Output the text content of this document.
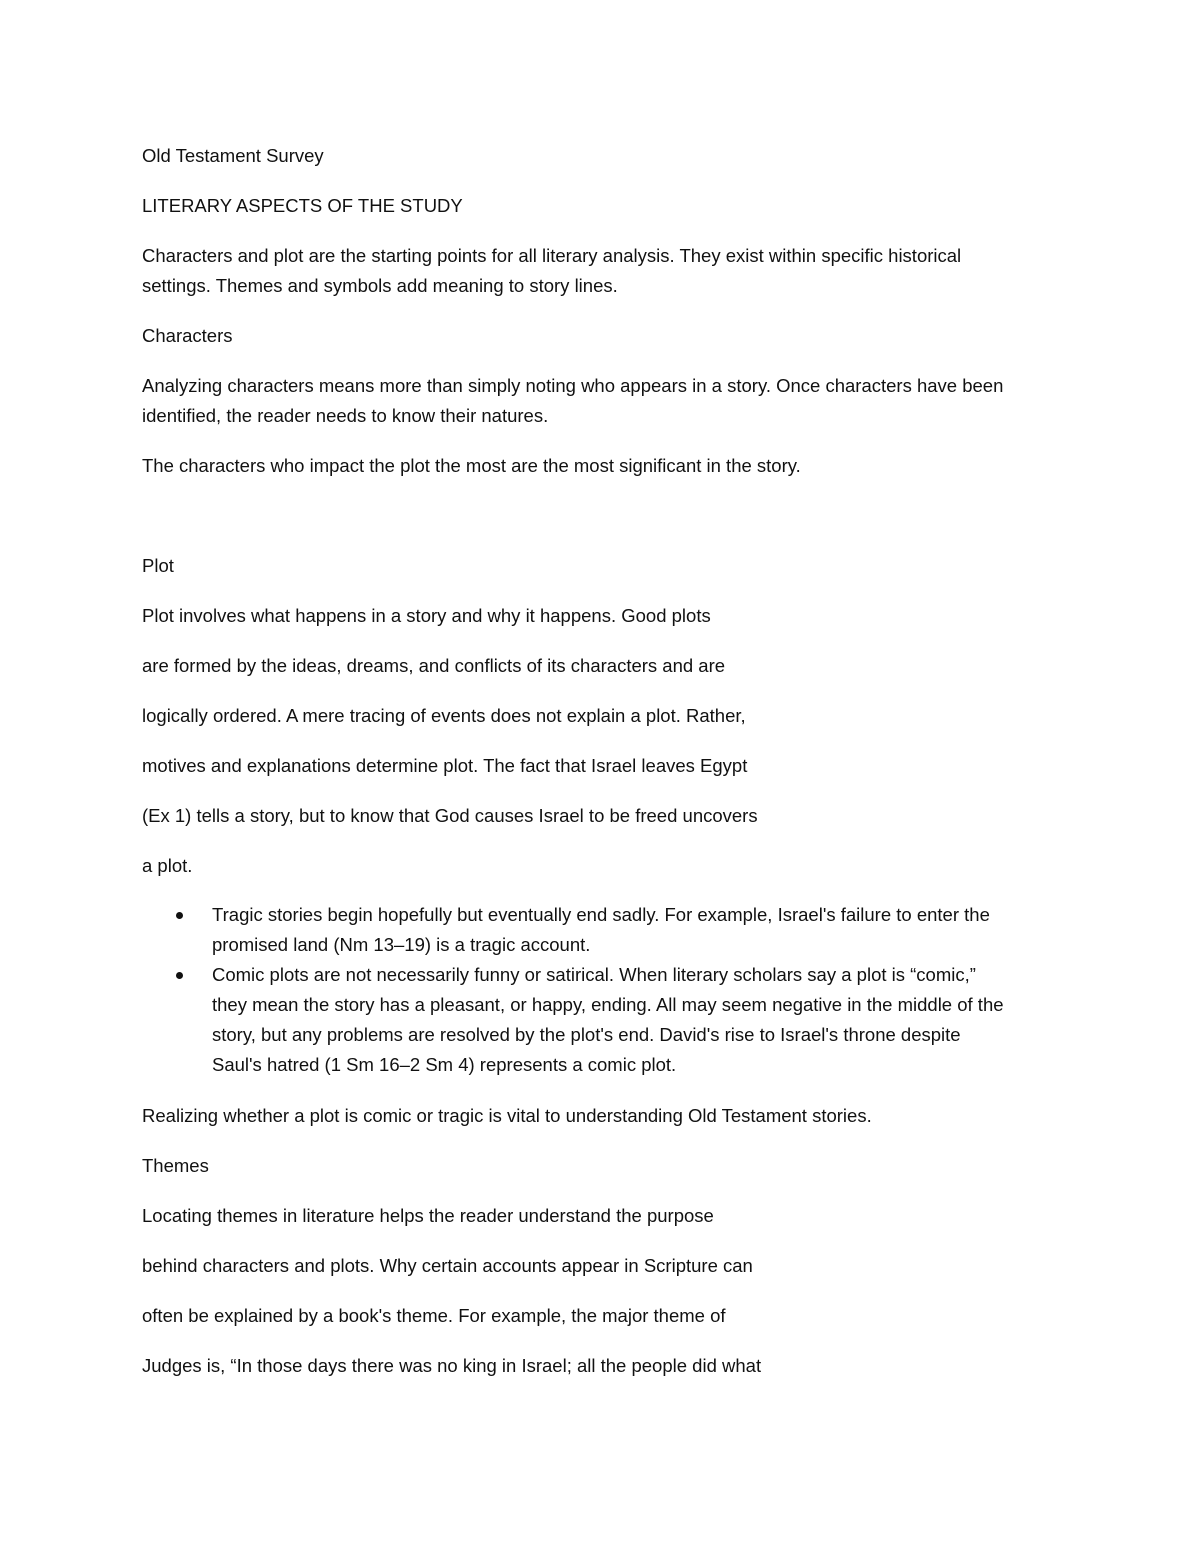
Old Testament Survey
LITERARY ASPECTS OF THE STUDY
Characters and plot are the starting points for all literary analysis. They exist within specific historical
settings. Themes and symbols add meaning to story lines.
Characters
Analyzing characters means more than simply noting who appears in a story. Once characters have been
identified, the reader needs to know their natures.
The characters who impact the plot the most are the most significant in the story.
Plot
Plot involves what happens in a story and why it happens. Good plots
are formed by the ideas, dreams, and conflicts of its characters and are
logically ordered. A mere tracing of events does not explain a plot. Rather,
motives and explanations determine plot. The fact that Israel leaves Egypt
(Ex 1) tells a story, but to know that God causes Israel to be freed uncovers
a plot.
Tragic stories begin hopefully but eventually end sadly. For example, Israel's failure to enter the
promised land (Nm 13–19) is a tragic account.
Comic plots are not necessarily funny or satirical. When literary scholars say a plot is “comic,”
they mean the story has a pleasant, or happy, ending. All may seem negative in the middle of the
story, but any problems are resolved by the plot's end. David's rise to Israel's throne despite
Saul's hatred (1 Sm 16–2 Sm 4) represents a comic plot.
Realizing whether a plot is comic or tragic is vital to understanding Old Testament stories.
Themes
Locating themes in literature helps the reader understand the purpose
behind characters and plots. Why certain accounts appear in Scripture can
often be explained by a book's theme. For example, the major theme of
Judges is, “In those days there was no king in Israel; all the people did what
